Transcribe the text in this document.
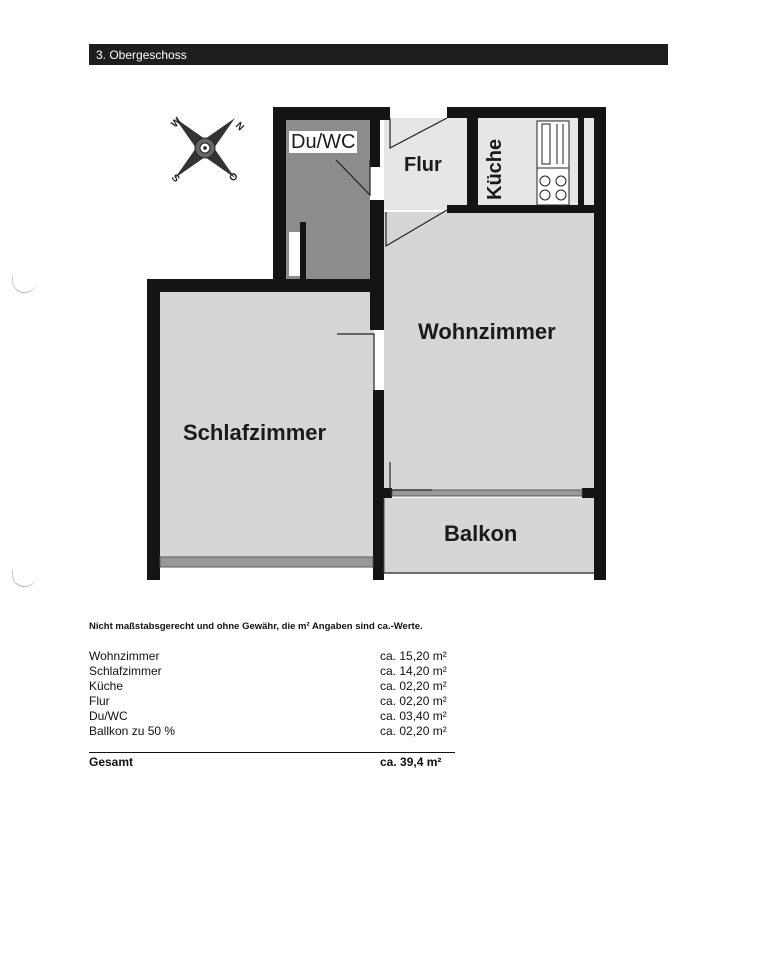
3. Obergeschoss
N
W
S	O
Du/WC
Flur Küche
Wohnzimmer
Schlafzimmer
Balkon
Nicht maßstabsgerecht und ohne Gewähr, die m² Angaben sind ca.-Werte.
Wohnzimmer	ca. 15,20 m²
Schlafzimmer	ca. 14,20 m²
Küche	ca. 02,20 m²
Flur	ca. 02,20 m²
Du/WC	ca. 03,40 m²
Ballkon zu 50 %	ca. 02,20 m²
Gesamt	ca. 39,4 m²
